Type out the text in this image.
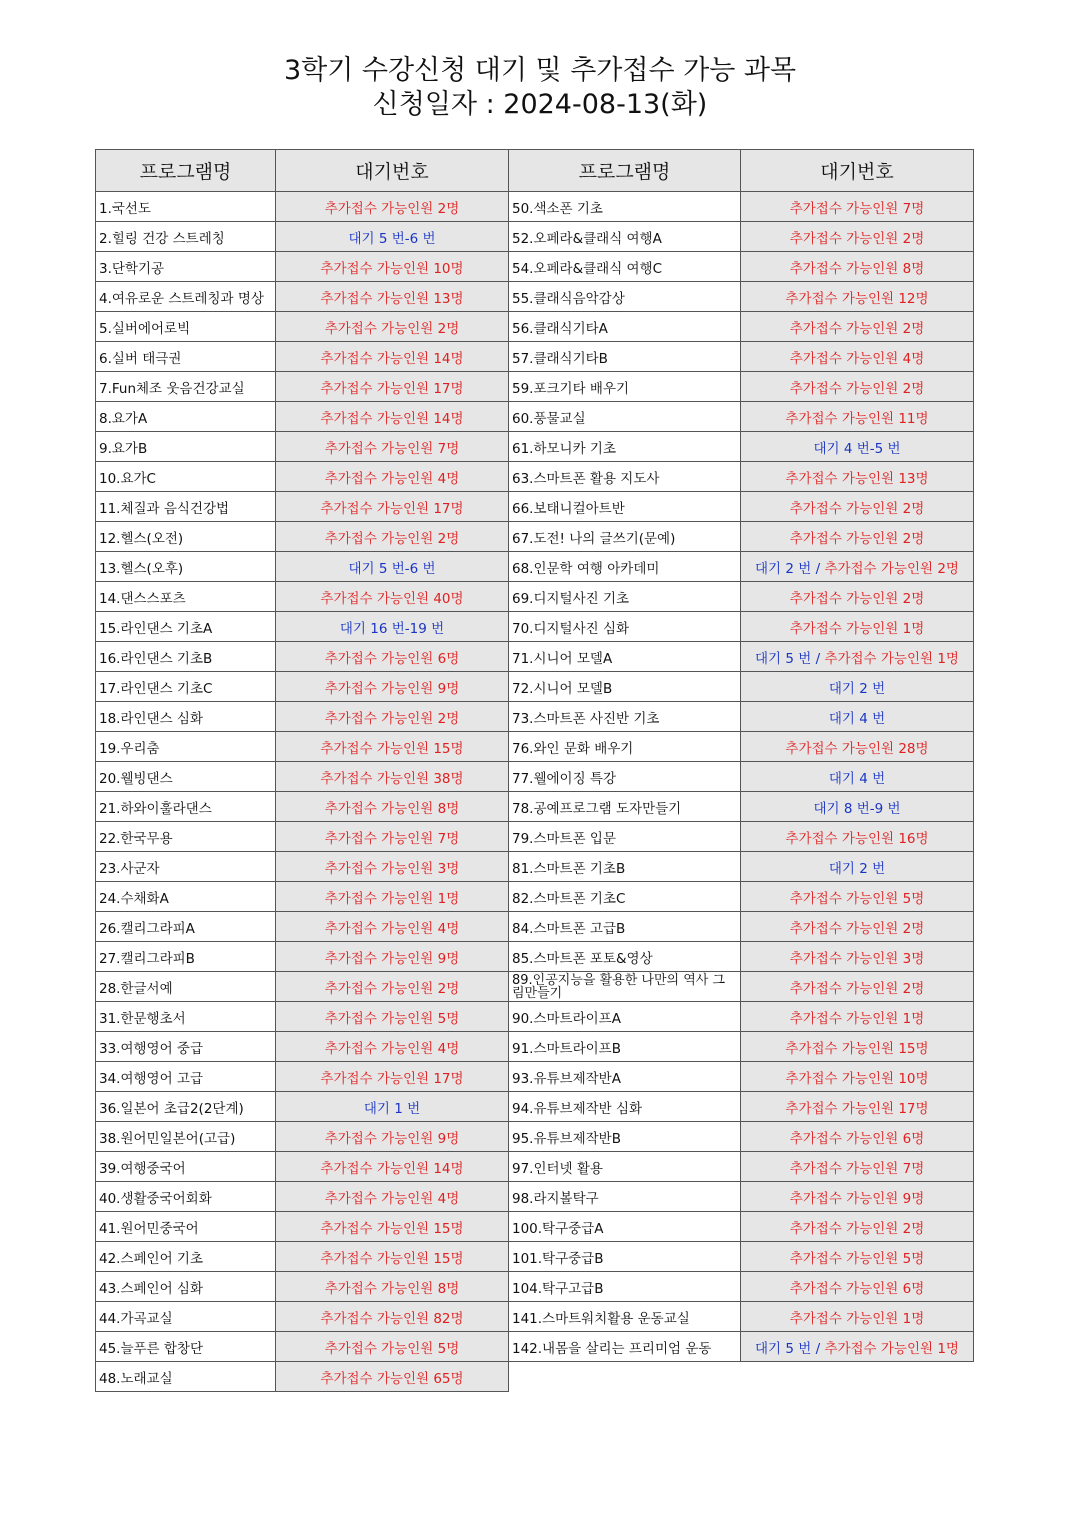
3학기 수강신청 대기 및 추가접수 가능 과목
신청일자 : 2024-08-13(화)
프로그램명	대기번호
1.국선도	추가접수 가능인원 2명
2.힐링 건강 스트레칭	대기 5 번-6 번
3.단학기공	추가접수 가능인원 10명
4.여유로운 스트레칭과 명상	추가접수 가능인원 13명
5.실버에어로빅	추가접수 가능인원 2명
6.실버 태극권	추가접수 가능인원 14명
7.Fun체조 웃음건강교실	추가접수 가능인원 17명
8.요가A	추가접수 가능인원 14명
9.요가B	추가접수 가능인원 7명
10.요가C	추가접수 가능인원 4명
11.체질과 음식건강법	추가접수 가능인원 17명
12.헬스(오전)	추가접수 가능인원 2명
13.헬스(오후)	대기 5 번-6 번
14.댄스스포츠	추가접수 가능인원 40명
15.라인댄스 기초A	대기 16 번-19 번
16.라인댄스 기초B	추가접수 가능인원 6명
17.라인댄스 기초C	추가접수 가능인원 9명
18.라인댄스 심화	추가접수 가능인원 2명
19.우리춤	추가접수 가능인원 15명
20.웰빙댄스	추가접수 가능인원 38명
21.하와이훌라댄스	추가접수 가능인원 8명
22.한국무용	추가접수 가능인원 7명
23.사군자	추가접수 가능인원 3명
24.수채화A	추가접수 가능인원 1명
26.캘리그라피A	추가접수 가능인원 4명
27.캘리그라피B	추가접수 가능인원 9명
28.한글서예	추가접수 가능인원 2명
31.한문행초서	추가접수 가능인원 5명
33.여행영어 중급	추가접수 가능인원 4명
34.여행영어 고급	추가접수 가능인원 17명
36.일본어 초급2(2단계)	대기 1 번
38.원어민일본어(고급)	추가접수 가능인원 9명
39.여행중국어	추가접수 가능인원 14명
40.생활중국어회화	추가접수 가능인원 4명
41.원어민중국어	추가접수 가능인원 15명
42.스페인어 기초	추가접수 가능인원 15명
43.스페인어 심화	추가접수 가능인원 8명
44.가곡교실	추가접수 가능인원 82명
45.늘푸른 합창단	추가접수 가능인원 5명
48.노래교실	추가접수 가능인원 65명
프로그램명	대기번호
50.색소폰 기초	추가접수 가능인원 7명
52.오페라&클래식 여행A	추가접수 가능인원 2명
54.오페라&클래식 여행C	추가접수 가능인원 8명
55.클래식음악감상	추가접수 가능인원 12명
56.클래식기타A	추가접수 가능인원 2명
57.클래식기타B	추가접수 가능인원 4명
59.포크기타 배우기	추가접수 가능인원 2명
60.풍물교실	추가접수 가능인원 11명
61.하모니카 기초	대기 4 번-5 번
63.스마트폰 활용 지도사	추가접수 가능인원 13명
66.보태니컬아트반	추가접수 가능인원 2명
67.도전! 나의 글쓰기(문예)	추가접수 가능인원 2명
68.인문학 여행 아카데미	대기 2 번 / 추가접수 가능인원 2명
69.디지털사진 기초	추가접수 가능인원 2명
70.디지털사진 심화	추가접수 가능인원 1명
71.시니어 모델A	대기 5 번 / 추가접수 가능인원 1명
72.시니어 모델B	대기 2 번
73.스마트폰 사진반 기초	대기 4 번
76.와인 문화 배우기	추가접수 가능인원 28명
77.웰에이징 특강	대기 4 번
78.공예프로그램 도자만들기	대기 8 번-9 번
79.스마트폰 입문	추가접수 가능인원 16명
81.스마트폰 기초B	대기 2 번
82.스마트폰 기초C	추가접수 가능인원 5명
84.스마트폰 고급B	추가접수 가능인원 2명
85.스마트폰 포토&영상	추가접수 가능인원 3명
89.인공지능을 활용한 나만의 역사 그림만들기	추가접수 가능인원 2명
90.스마트라이프A	추가접수 가능인원 1명
91.스마트라이프B	추가접수 가능인원 15명
93.유튜브제작반A	추가접수 가능인원 10명
94.유튜브제작반 심화	추가접수 가능인원 17명
95.유튜브제작반B	추가접수 가능인원 6명
97.인터넷 활용	추가접수 가능인원 7명
98.라지볼탁구	추가접수 가능인원 9명
100.탁구중급A	추가접수 가능인원 2명
101.탁구중급B	추가접수 가능인원 5명
104.탁구고급B	추가접수 가능인원 6명
141.스마트워치활용 운동교실	추가접수 가능인원 1명
142.내몸을 살리는 프리미엄 운동	대기 5 번 / 추가접수 가능인원 1명
